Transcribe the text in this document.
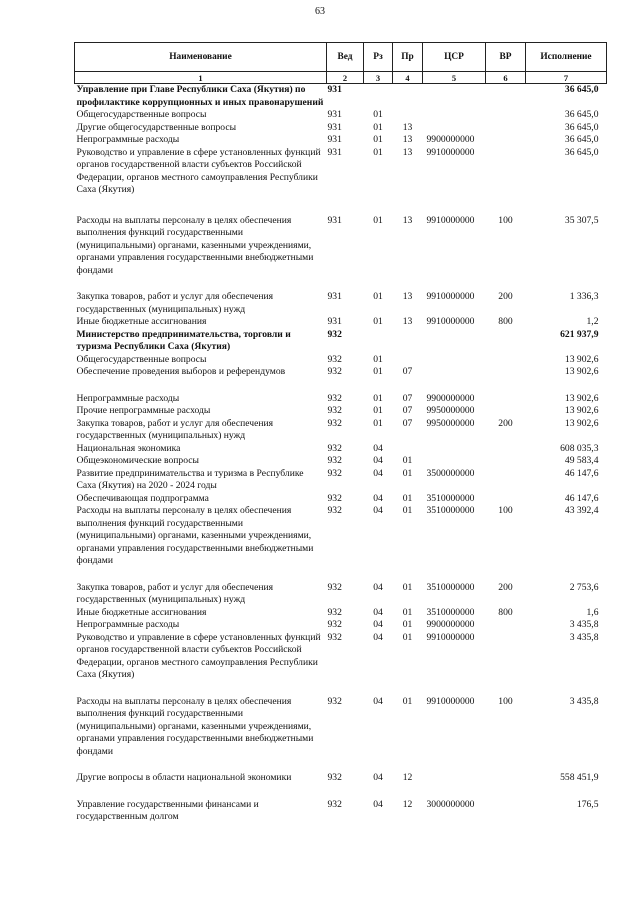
63
Наименование	Вед	Рз	Пр	ЦСР	ВР	Исполнение
1	2	3	4	5	6	7
Управление при Главе Республики Саха (Якутия) по профилактике коррупционных и иных правонарушений	931					36 645,0
Общегосударственные вопросы	931	01				36 645,0
Другие общегосударственные вопросы	931	01	13			36 645,0
Непрограммные расходы	931	01	13	9900000000		36 645,0
Руководство и управление в сфере установленных функций органов государственной власти субъектов Российской Федерации, органов местного самоуправления Республики Саха (Якутия)	931	01	13	9910000000		36 645,0
Расходы на выплаты персоналу в целях обеспечения выполнения функций государственными (муниципальными) органами, казенными учреждениями, органами управления государственными внебюджетными фондами	931	01	13	9910000000	100	35 307,5
Закупка товаров, работ и услуг для обеспечения государственных (муниципальных) нужд	931	01	13	9910000000	200	1 336,3
Иные бюджетные ассигнования	931	01	13	9910000000	800	1,2
Министерство предпринимательства, торговли и туризма Республики Саха (Якутия)	932					621 937,9
Общегосударственные вопросы	932	01				13 902,6
Обеспечение проведения выборов и референдумов	932	01	07			13 902,6
Непрограммные расходы	932	01	07	9900000000		13 902,6
Прочие непрограммные расходы	932	01	07	9950000000		13 902,6
Закупка товаров, работ и услуг для обеспечения государственных (муниципальных) нужд	932	01	07	9950000000	200	13 902,6
Национальная экономика	932	04				608 035,3
Общеэкономические вопросы	932	04	01			49 583,4
Развитие предпринимательства и туризма в Республике Саха (Якутия) на 2020 - 2024 годы	932	04	01	3500000000		46 147,6
Обеспечивающая подпрограмма	932	04	01	3510000000		46 147,6
Расходы на выплаты персоналу в целях обеспечения выполнения функций государственными (муниципальными) органами, казенными учреждениями, органами управления государственными внебюджетными фондами	932	04	01	3510000000	100	43 392,4
Закупка товаров, работ и услуг для обеспечения государственных (муниципальных) нужд	932	04	01	3510000000	200	2 753,6
Иные бюджетные ассигнования	932	04	01	3510000000	800	1,6
Непрограммные расходы	932	04	01	9900000000		3 435,8
Руководство и управление в сфере установленных функций органов государственной власти субъектов Российской Федерации, органов местного самоуправления Республики Саха (Якутия)	932	04	01	9910000000		3 435,8
Расходы на выплаты персоналу в целях обеспечения выполнения функций государственными (муниципальными) органами, казенными учреждениями, органами управления государственными внебюджетными фондами	932	04	01	9910000000	100	3 435,8
Другие вопросы в области национальной экономики	932	04	12			558 451,9
Управление государственными финансами и государственным долгом	932	04	12	3000000000		176,5
